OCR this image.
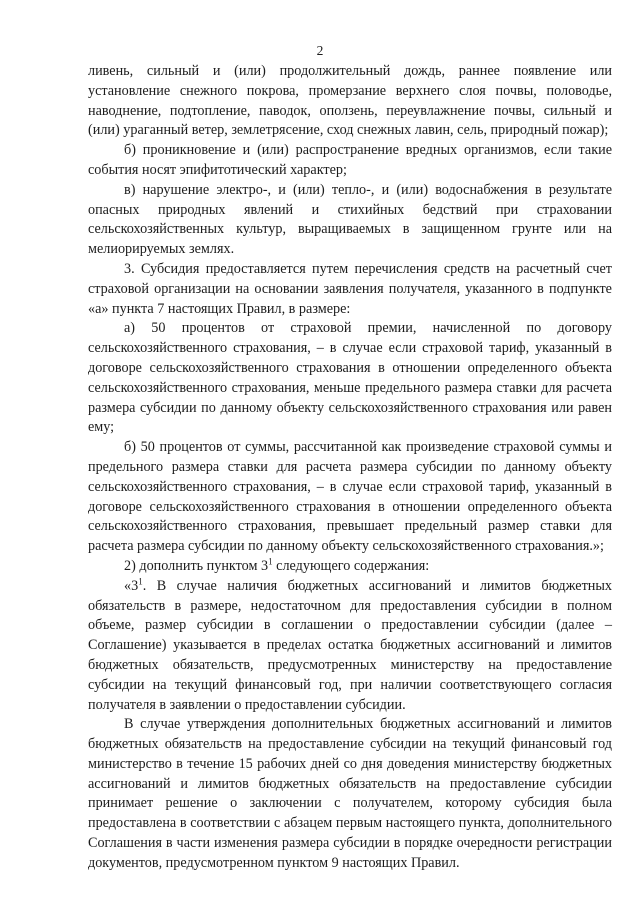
2

ливень, сильный и (или) продолжительный дождь, раннее появление или установление снежного покрова, промерзание верхнего слоя почвы, половодье, наводнение, подтопление, паводок, оползень, переувлажнение почвы, сильный и (или) ураганный ветер, землетрясение, сход снежных лавин, сель, природный пожар);

б) проникновение и (или) распространение вредных организмов, если такие события носят эпифитотический характер;

в) нарушение электро-, и (или) тепло-, и (или) водоснабжения в результате опасных природных явлений и стихийных бедствий при страховании сельскохозяйственных культур, выращиваемых в защищенном грунте или на мелиорируемых землях.

3. Субсидия предоставляется путем перечисления средств на расчетный счет страховой организации на основании заявления получателя, указанного в подпункте «а» пункта 7 настоящих Правил, в размере:

а) 50 процентов от страховой премии, начисленной по договору сельскохозяйственного страхования, – в случае если страховой тариф, указанный в договоре сельскохозяйственного страхования в отношении определенного объекта сельскохозяйственного страхования, меньше предельного размера ставки для расчета размера субсидии по данному объекту сельскохозяйственного страхования или равен ему;

б) 50 процентов от суммы, рассчитанной как произведение страховой суммы и предельного размера ставки для расчета размера субсидии по данному объекту сельскохозяйственного страхования, – в случае если страховой тариф, указанный в договоре сельскохозяйственного страхования в отношении определенного объекта сельскохозяйственного страхования, превышает предельный размер ставки для расчета размера субсидии по данному объекту сельскохозяйственного страхования.»;

2) дополнить пунктом $3^1$ следующего содержания:

«$3^1$. В случае наличия бюджетных ассигнований и лимитов бюджетных обязательств в размере, недостаточном для предоставления субсидии в полном объеме, размер субсидии в соглашении о предоставлении субсидии (далее – Соглашение) указывается в пределах остатка бюджетных ассигнований и лимитов бюджетных обязательств, предусмотренных министерству на предоставление субсидии на текущий финансовый год, при наличии соответствующего согласия получателя в заявлении о предоставлении субсидии.

В случае утверждения дополнительных бюджетных ассигнований и лимитов бюджетных обязательств на предоставление субсидии на текущий финансовый год министерство в течение 15 рабочих дней со дня доведения министерству бюджетных ассигнований и лимитов бюджетных обязательств на предоставление субсидии принимает решение о заключении с получателем, которому субсидия была предоставлена в соответствии с абзацем первым настоящего пункта, дополнительного Соглашения в части изменения размера субсидии в порядке очередности регистрации документов, предусмотренном пунктом 9 настоящих Правил.
